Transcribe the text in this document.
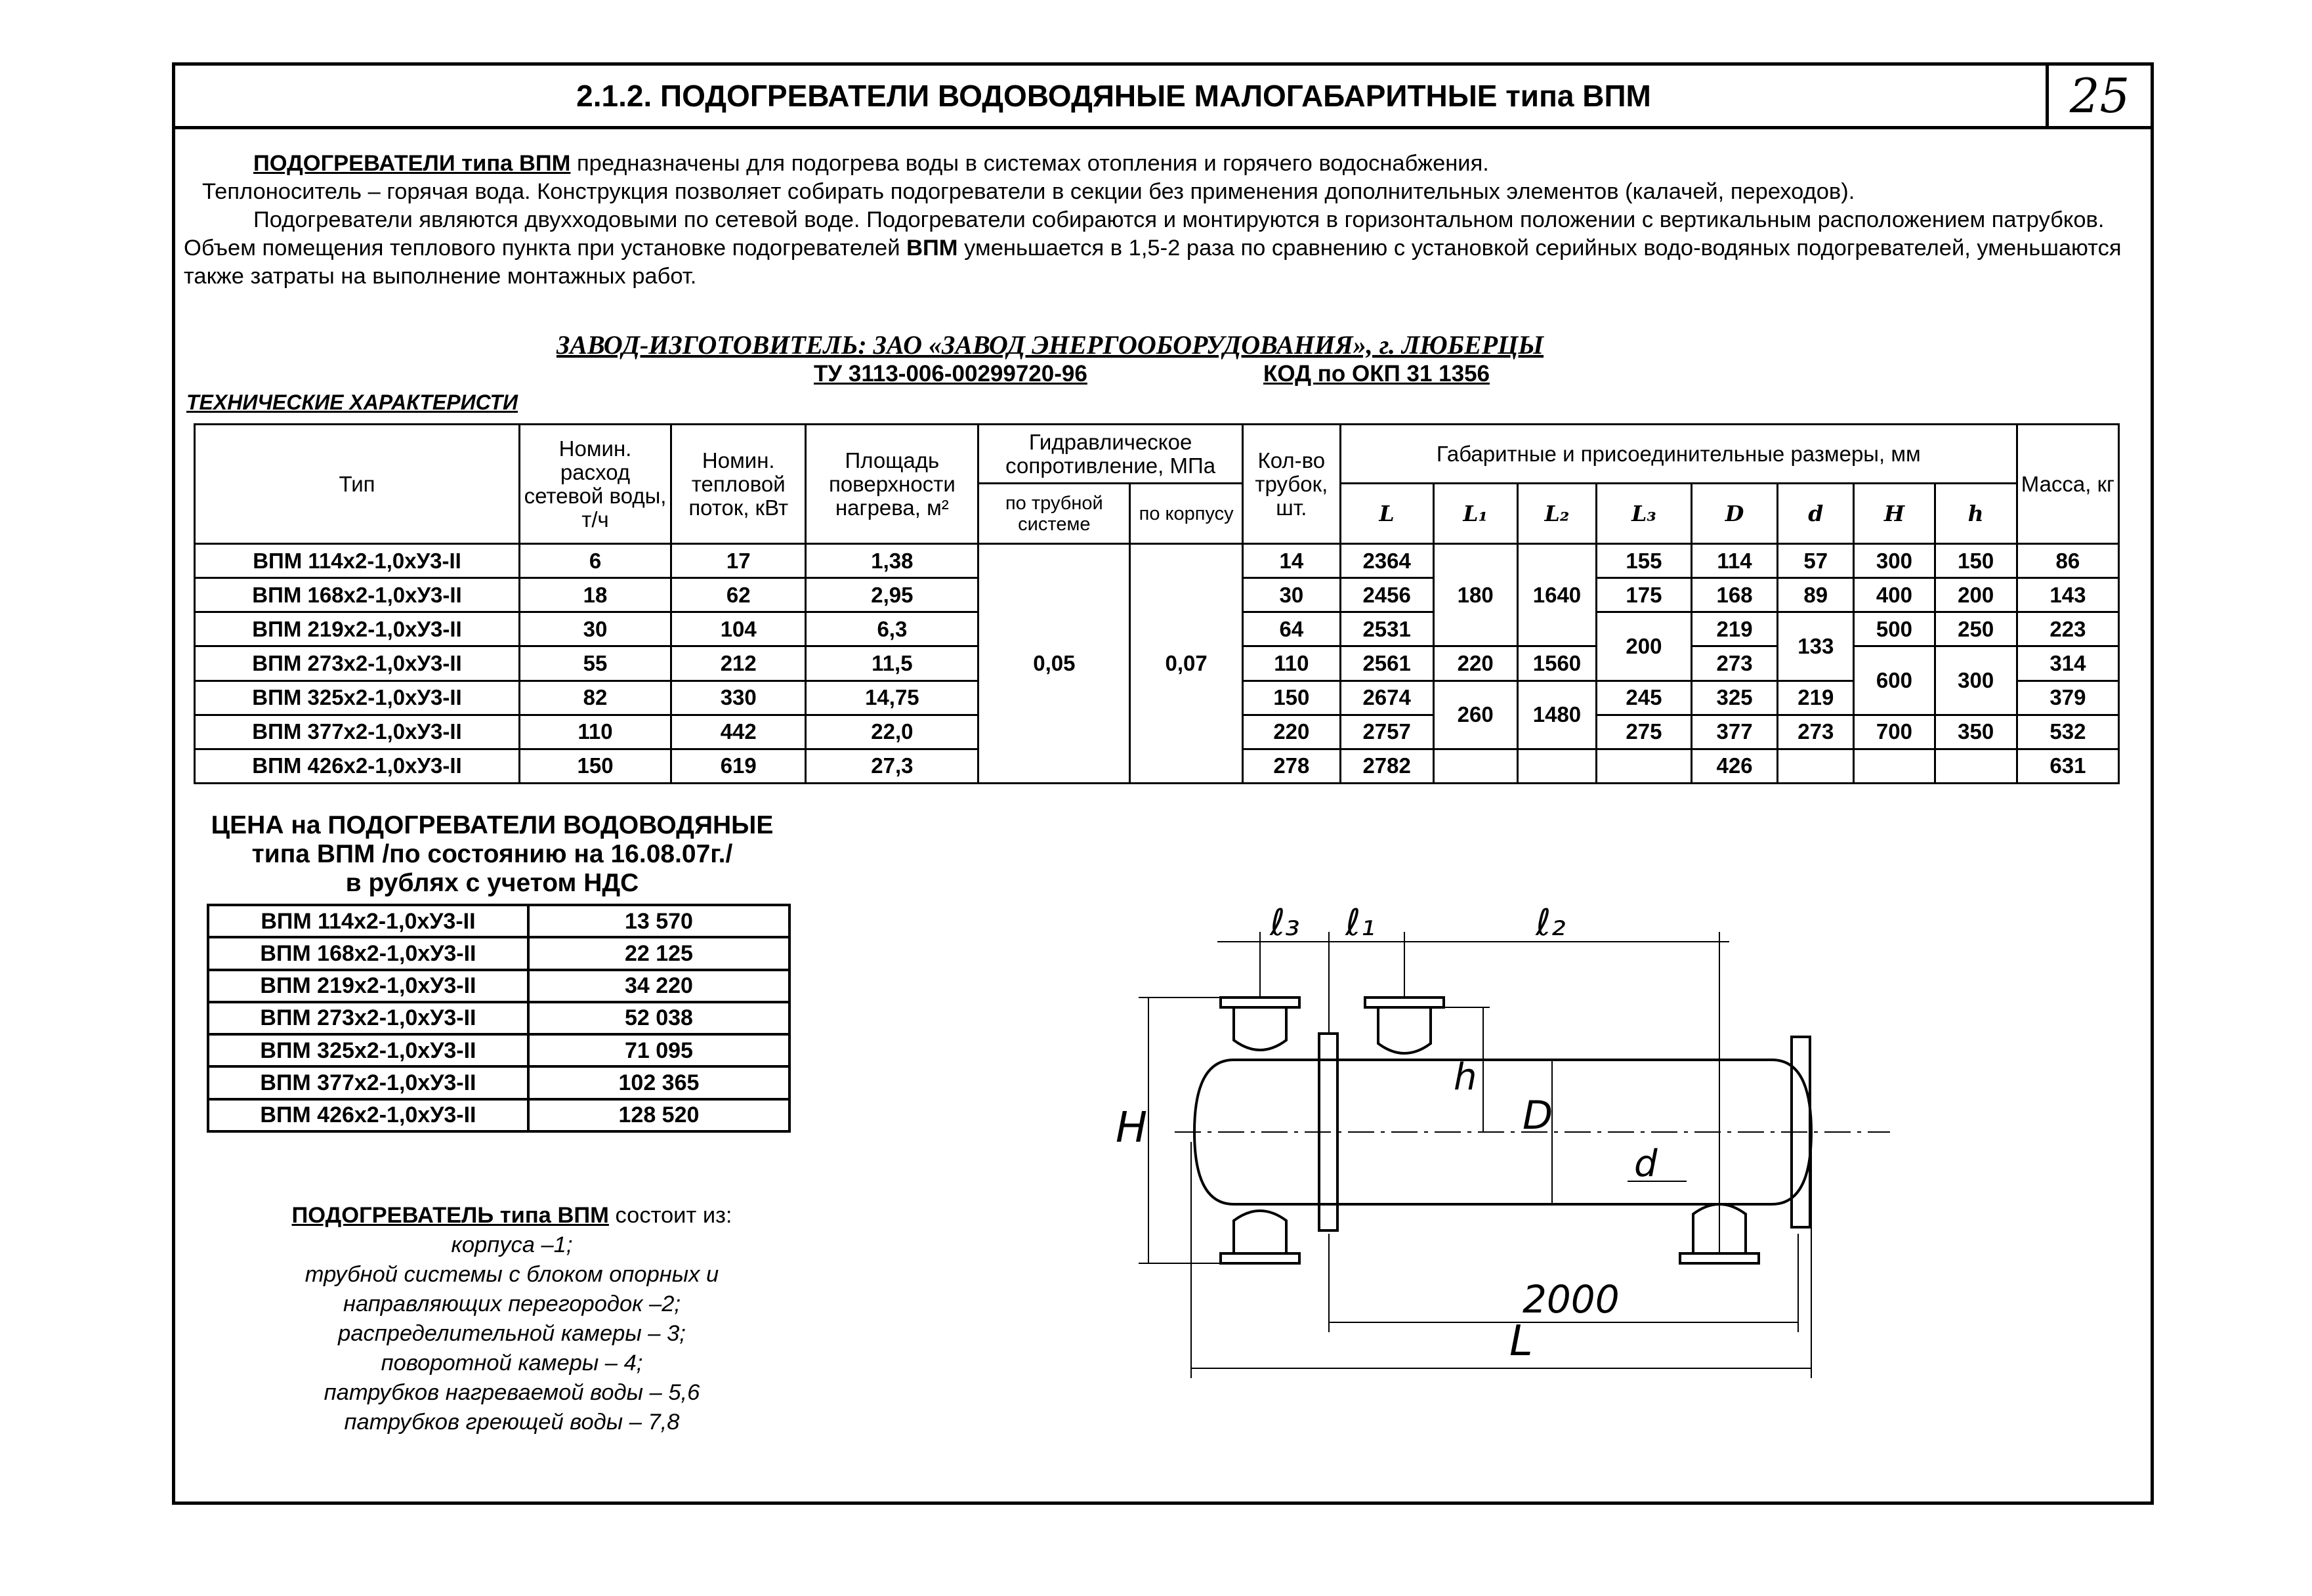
2.1.2. ПОДОГРЕВАТЕЛИ ВОДОВОДЯНЫЕ МАЛОГАБАРИТНЫЕ типа ВПМ	25

ПОДОГРЕВАТЕЛИ типа ВПМ предназначены для подогрева воды в системах отопления и горячего водоснабжения.

Теплоноситель – горячая вода. Конструкция позволяет собирать подогреватели в секции без применения дополнительных элементов (калачей, переходов).

Подогреватели являются двухходовыми по сетевой воде. Подогреватели собираются и монтируются в горизонтальном положении с вертикальным расположением патрубков. Объем помещения теплового пункта при установке подогревателей ВПМ уменьшается в 1,5-2 раза по сравнению с установкой серийных водо-водяных подогревателей, уменьшаются также затраты на выполнение монтажных работ.

ЗАВОД-ИЗГОТОВИТЕЛЬ: ЗАО «ЗАВОД ЭНЕРГООБОРУДОВАНИЯ», г. ЛЮБЕРЦЫ
ТУ 3113-006-00299720-96	КОД по ОКП 31 1356
ТЕХНИЧЕСКИЕ ХАРАКТЕРИСТИ
Тип	Номин. расход сетевой воды, т/ч	Номин. тепловой поток, кВт	Площадь поверхности нагрева, м²	Гидравлическое сопротивление, МПа		Кол-во трубок, шт.	Габаритные и присоединительные размеры, мм								Масса, кг
				по трубной системе	по корпусу		L	L₁	L₂	L₃	D	d	H	h	
ВПМ 114х2-1,0хУ3-II	6	17	1,38	0,05	0,07	14	2364	180	1640	155	114	57	300	150	86
ВПМ 168х2-1,0хУ3-II	18	62	2,95			30	2456			175	168	89	400	200	143
ВПМ 219х2-1,0хУ3-II	30	104	6,3			64	2531			200	219	133	500	250	223
ВПМ 273х2-1,0хУ3-II	55	212	11,5			110	2561	220	1560		273		600	300	314
ВПМ 325х2-1,0хУ3-II	82	330	14,75			150	2674	260	1480	245	325	219			379
ВПМ 377х2-1,0хУ3-II	110	442	22,0			220	2757			275	377	273	700	350	532
ВПМ 426х2-1,0хУ3-II	150	619	27,3			278	2782				426				631
ЦЕНА на ПОДОГРЕВАТЕЛИ ВОДОВОДЯНЫЕ
типа ВПМ /по состоянию на 16.08.07г./
в рублях с учетом НДС
ВПМ 114х2-1,0хУ3-II	13 570
ВПМ 168х2-1,0хУ3-II	22 125
ВПМ 219х2-1,0хУ3-II	34 220
ВПМ 273х2-1,0хУ3-II	52 038
ВПМ 325х2-1,0хУ3-II	71 095
ВПМ 377х2-1,0хУ3-II	102 365
ВПМ 426х2-1,0хУ3-II	128 520
ПОДОГРЕВАТЕЛЬ типа ВПМ состоит из:
корпуса –1;
трубной системы с блоком опорных и
направляющих перегородок –2;
распределительной камеры – 3;
поворотной камеры – 4;
патрубков нагреваемой воды – 5,6
патрубков греющей воды – 7,8
ℓ₃ ℓ₁	ℓ₂
H
h
D
d
2000
L
